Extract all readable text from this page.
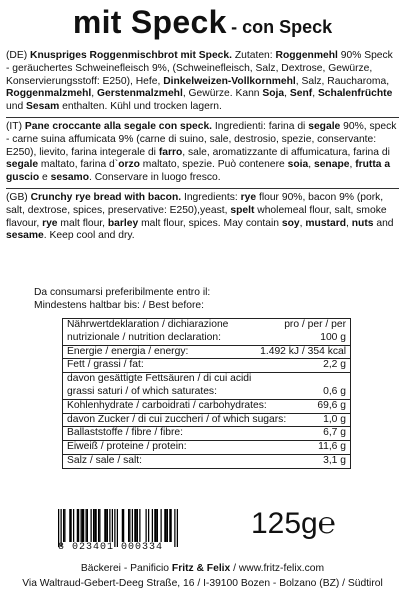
mit Speck - con Speck

(DE) Knuspriges Roggenmischbrot mit Speck. Zutaten: Roggenmehl 90% Speck - geräuchertes Schweinefleisch 9%, (Schweinefleisch, Salz, Dextrose, Gewürze, Konservierungsstoff: E250), Hefe, Dinkelweizen-Vollkornmehl, Salz, Raucharoma, Roggenmalzmehl, Gerstenmalzmehl, Gewürze. Kann Soja, Senf, Schalenfrüchte und Sesam enthalten. Kühl und trocken lagern.

(IT) Pane croccante alla segale con speck. Ingredienti: farina di segale 90%, speck - carne suina affumicata 9% (carne di suino, sale, destrosio, spezie, conservante: E250), lievito, farina integerale di farro, sale, aromatizzante di affumicatura, farina di segale maltato, farina d`orzo maltato, spezie. Può contenere soia, senape, frutta a guscio e sesamo. Conservare in luogo fresco.

(GB) Crunchy rye bread with bacon. Ingredients: rye flour 90%, bacon 9% (pork, salt, dextrose, spices, preservative: E250),yeast, spelt wholemeal flour, salt, smoke flavour, rye malt flour, barley malt flour, spices. May contain soy, mustard, nuts and sesame. Keep cool and dry.

Da consumarsi preferibilmente entro il:
Mindestens haltbar bis: / Best before:
Nährwertdeklaration / dichiarazione	pro / per / per
nutrizionale / nutrition declaration:	100 g
Energie / energia / energy:	1.492 kJ / 354 kcal
Fett / grassi / fat:	2,2 g
davon gesättigte Fettsäuren / di cui acidi
grassi saturi / of which saturates:	0,6 g
Kohlenhydrate / carboidrati / carbohydrates:	69,6 g
davon Zucker / di cui zuccheri / of which sugars:	1,0 g
Ballaststoffe / fibre / fibre:	6,7 g
Eiweiß / proteine / protein:	11,6 g
Salz / sale / salt:	3,1 g
8 023401 000334
125g℮
Bäckerei - Panificio Fritz & Felix / www.fritz-felix.com
Via Waltraud-Gebert-Deeg Straße, 16 / I-39100 Bozen - Bolzano (BZ) / Südtirol
